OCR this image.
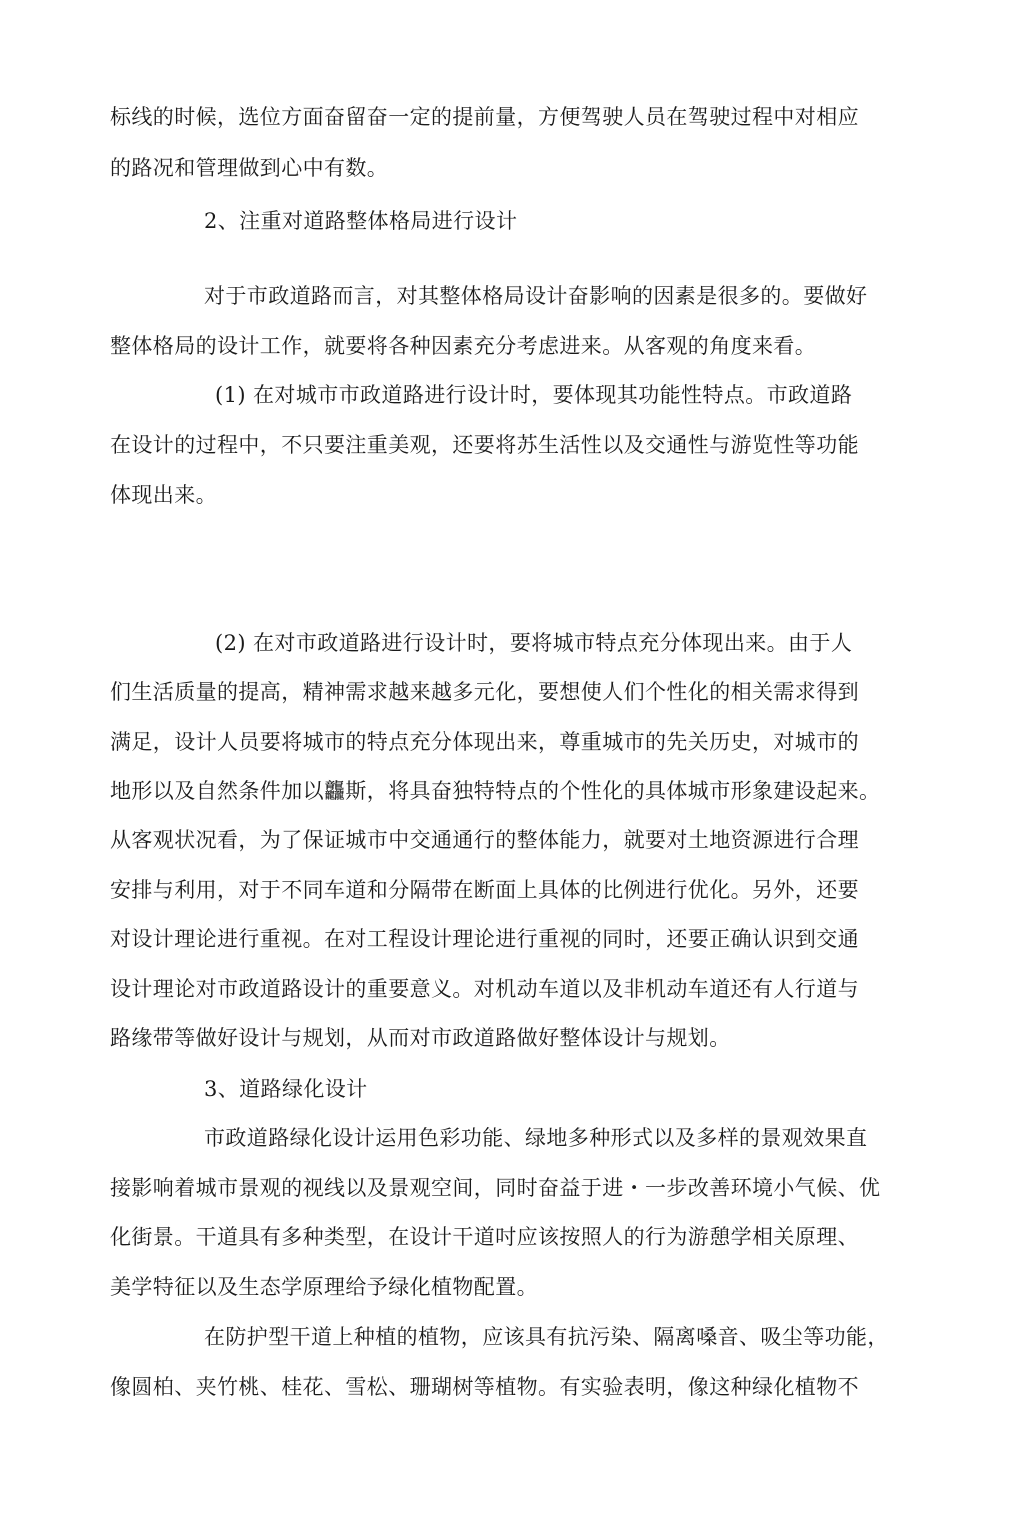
标线的时候，选位方面奋留奋一定的提前量，方便驾驶人员在驾驶过程中对相应
的路况和管理做到心中有数。
2、注重对道路整体格局进行设计
对于市政道路而言，对其整体格局设计奋影响的因素是很多的。要做好
整体格局的设计工作，就要将各种因素充分考虑进来。从客观的角度来看。
(1) 在对城市市政道路进行设计时，要体现其功能性特点。市政道路
在设计的过程中，不只要注重美观，还要将苏生活性以及交通性与游览性等功能
体现出来。
(2) 在对市政道路进行设计时，要将城市特点充分体现出来。由于人
们生活质量的提高，精神需求越来越多元化，要想使人们个性化的相关需求得到
满足，设计人员要将城市的特点充分体现出来，尊重城市的先关历史，对城市的
地形以及自然条件加以龘斯，将具奋独特特点的个性化的具体城市形象建设起来。
从客观状况看，为了保证城市中交通通行的整体能力，就要对土地资源进行合理
安排与利用，对于不同车道和分隔带在断面上具体的比例进行优化。另外，还要
对设计理论进行重视。在对工程设计理论进行重视的同时，还要正确认识到交通
设计理论对市政道路设计的重要意义。对机动车道以及非机动车道还有人行道与
路缘带等做好设计与规划，从而对市政道路做好整体设计与规划。
3、道路绿化设计
市政道路绿化设计运用色彩功能、绿地多种形式以及多样的景观效果直
接影响着城市景观的视线以及景观空间，同时奋益于进・一步改善环境小气候、优
化街景。干道具有多种类型，在设计干道吋应该按照人的行为游憩学相关原理、
美学特征以及生态学原理给予绿化植物配置。
在防护型干道上种植的植物，应该具有抗污染、隔离嗓音、吸尘等功能，
像圆柏、夹竹桃、桂花、雪松、珊瑚树等植物。有实验表明，像这种绿化植物不
